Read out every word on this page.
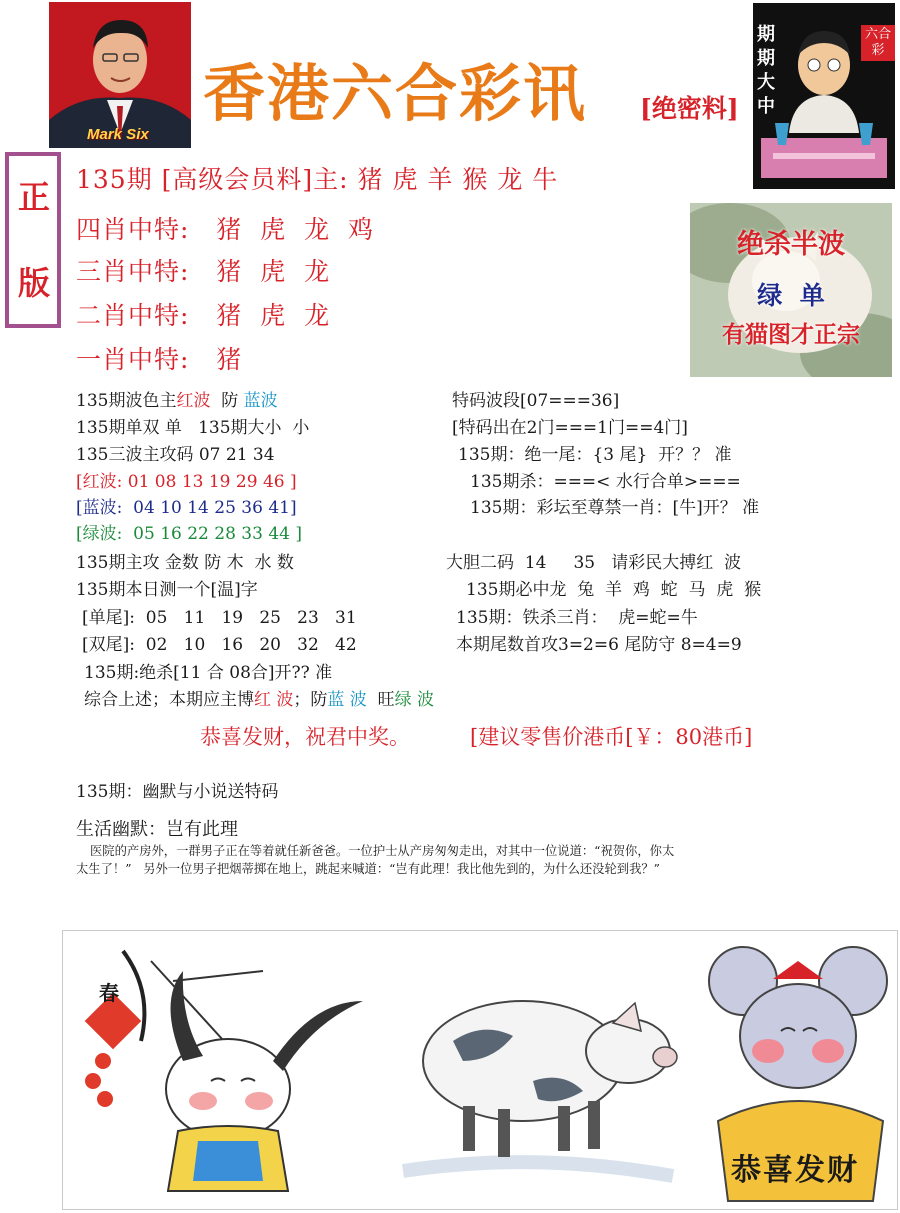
Mark Six
香港六合彩讯 [绝密料]
期期大中
六合彩
正
版
135期 [高级会员料]主: 猪 虎 羊 猴 龙 牛
四肖中特: 猪  虎  龙  鸡
三肖中特: 猪  虎  龙
二肖中特: 猪  虎  龙
一肖中特: 猪
绝杀半波
绿  单
有猫图才正宗
135期波色主红波  防 蓝波
135期单双 单   135期大小  小
135三波主攻码 07 21 34
[红波: 01 08 13 19 29 46 ]
[蓝波:  04 10 14 25 36 41]
[绿波:  05 16 22 28 33 44 ]
135期主攻 金数 防 木  水 数
135期本日测一个[温]字
[单尾]:  05   11   19   25   23   31
[双尾]:  02   10   16   20   32   42
135期:绝杀[11 合 08合]开?? 准
综合上述；本期应主博红 波；防蓝 波  旺绿 波
特码波段[07===36]
[特码出在2门===1门==4门]
135期：绝一尾：{3 尾}  开？？ 准
135期杀：===< 水行合单>===
135期：彩坛至尊禁一肖：[牛]开？ 准
大胆二码  14     35   请彩民大搏红  波
135期必中龙  兔  羊  鸡  蛇  马  虎  猴
135期：铁杀三肖：  虎=蛇=牛
本期尾数首攻3=2=6 尾防守 8=4=9
恭喜发财，祝君中奖。	[建议零售价港币[￥：80港币]
135期：幽默与小说送特码
生活幽默：岂有此理
医院的产房外，一群男子正在等着就任新爸爸。一位护士从产房匆匆走出，对其中一位说道：“祝贺你，你太
太生了！”   另外一位男子把烟蒂掷在地上，跳起来喊道：“岂有此理！我比他先到的，为什么还没轮到我？”
春
恭喜发财
